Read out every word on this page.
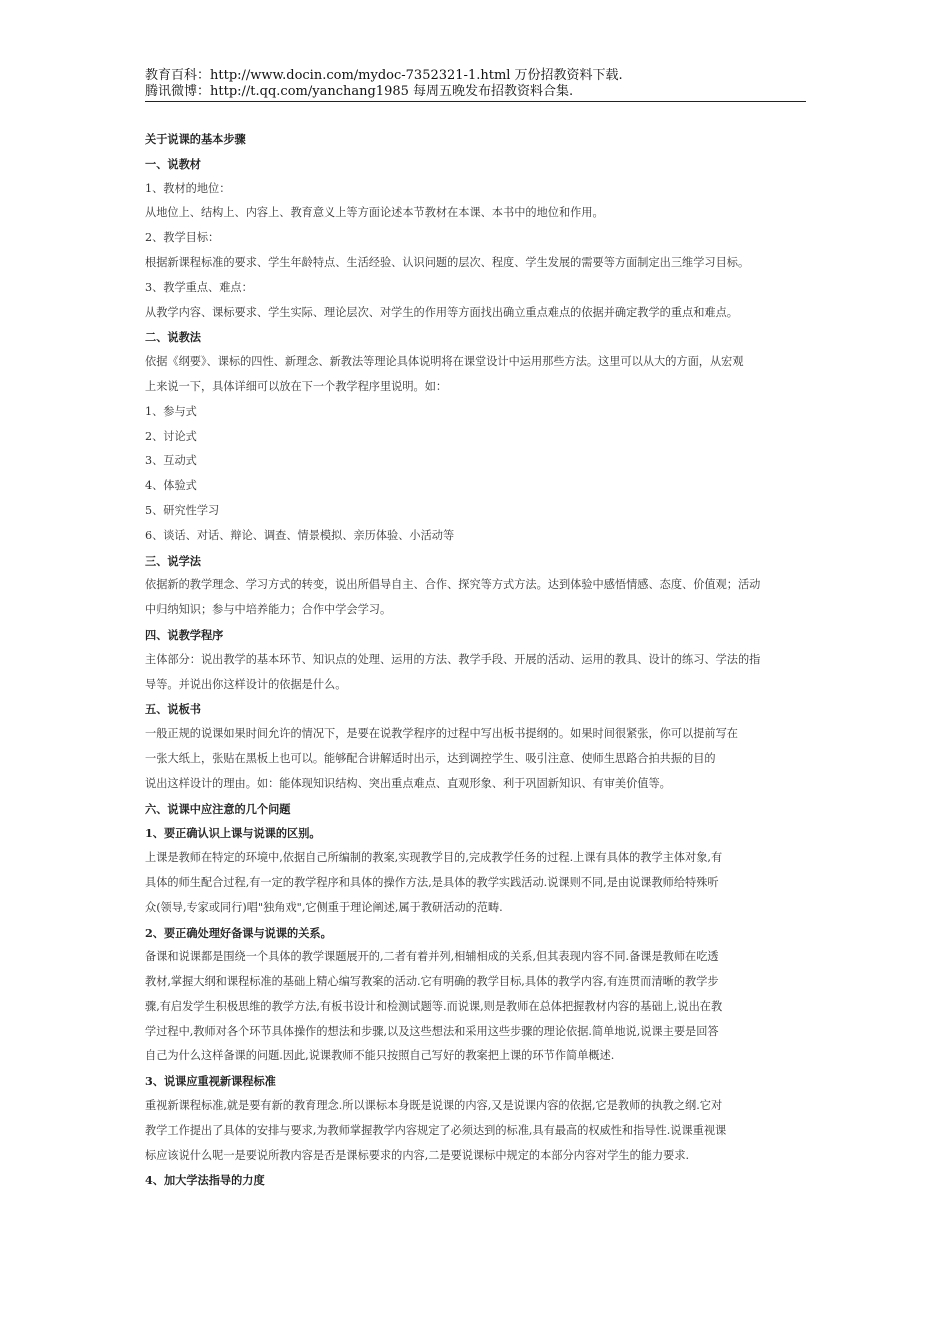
教育百科：http://www.docin.com/mydoc-7352321-1.html 万份招教资料下载.
腾讯微博：http://t.qq.com/yanchang1985 每周五晚发布招教资料合集.

关于说课的基本步骤

一、说教材

1、教材的地位：

从地位上、结构上、内容上、教育意义上等方面论述本节教材在本课、本书中的地位和作用。

2、教学目标：

根据新课程标准的要求、学生年龄特点、生活经验、认识问题的层次、程度、学生发展的需要等方面制定出三维学习目标。

3、教学重点、难点：

从教学内容、课标要求、学生实际、理论层次、对学生的作用等方面找出确立重点难点的依据并确定教学的重点和难点。

二、说教法

依据《纲要》、课标的四性、新理念、新教法等理论具体说明将在课堂设计中运用那些方法。这里可以从大的方面，从宏观

上来说一下，具体详细可以放在下一个教学程序里说明。如：

1、参与式

2、讨论式

3、互动式

4、体验式

5、研究性学习

6、谈话、对话、辩论、调查、情景模拟、亲历体验、小活动等

三、说学法

依据新的教学理念、学习方式的转变，说出所倡导自主、合作、探究等方式方法。达到体验中感悟情感、态度、价值观；活动

中归纳知识；参与中培养能力；合作中学会学习。

四、说教学程序

主体部分：说出教学的基本环节、知识点的处理、运用的方法、教学手段、开展的活动、运用的教具、设计的练习、学法的指

导等。并说出你这样设计的依据是什么。

五、说板书

一般正规的说课如果时间允许的情况下，是要在说教学程序的过程中写出板书提纲的。如果时间很紧张，你可以提前写在

一张大纸上，张贴在黑板上也可以。能够配合讲解适时出示，达到调控学生、吸引注意、使师生思路合拍共振的目的

说出这样设计的理由。如：能体现知识结构、突出重点难点、直观形象、利于巩固新知识、有审美价值等。

六、说课中应注意的几个问题

1、要正确认识上课与说课的区别。

上课是教师在特定的环境中,依据自己所编制的教案,实现教学目的,完成教学任务的过程.上课有具体的教学主体对象,有

具体的师生配合过程,有一定的教学程序和具体的操作方法,是具体的教学实践活动.说课则不同,是由说课教师给特殊听

众(领导,专家或同行)唱"独角戏",它侧重于理论阐述,属于教研活动的范畴.

2、要正确处理好备课与说课的关系。

备课和说课都是围绕一个具体的教学课题展开的,二者有着并列,相辅相成的关系,但其表现内容不同.备课是教师在吃透

教材,掌握大纲和课程标准的基础上精心编写教案的活动.它有明确的教学目标,具体的教学内容,有连贯而清晰的教学步

骤,有启发学生积极思维的教学方法,有板书设计和检测试题等.而说课,则是教师在总体把握教材内容的基础上,说出在教

学过程中,教师对各个环节具体操作的想法和步骤,以及这些想法和采用这些步骤的理论依据.简单地说,说课主要是回答

自己为什么这样备课的问题.因此,说课教师不能只按照自己写好的教案把上课的环节作简单概述.

3、说课应重视新课程标准

重视新课程标准,就是要有新的教育理念.所以课标本身既是说课的内容,又是说课内容的依据,它是教师的执教之纲.它对

教学工作提出了具体的安排与要求,为教师掌握教学内容规定了必须达到的标准,具有最高的权威性和指导性.说课重视课

标应该说什么呢一是要说所教内容是否是课标要求的内容,二是要说课标中规定的本部分内容对学生的能力要求.

4、加大学法指导的力度
